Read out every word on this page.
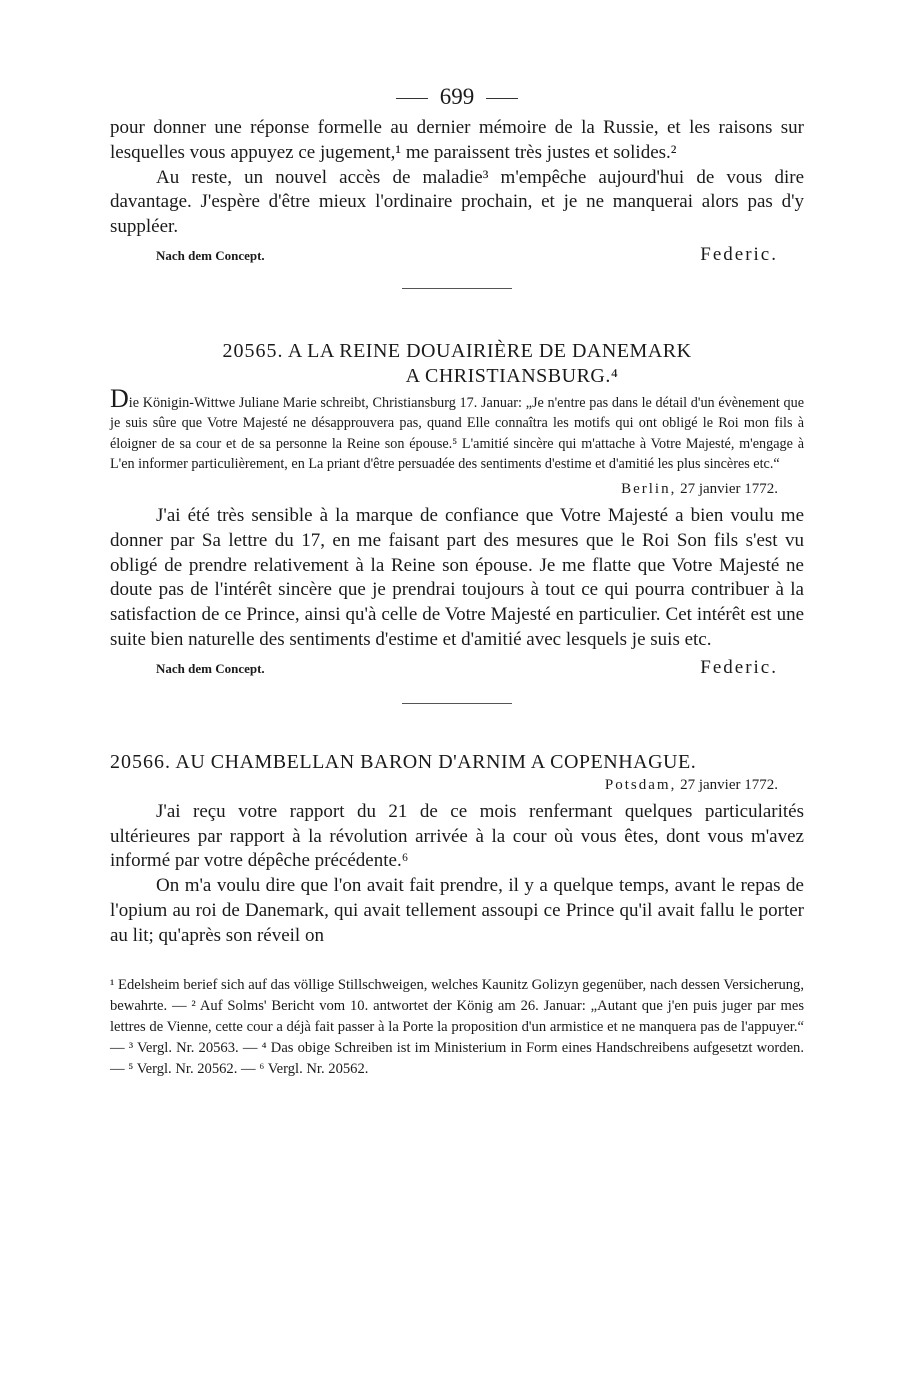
699

pour donner une réponse formelle au dernier mémoire de la Russie, et les raisons sur lesquelles vous appuyez ce jugement,¹ me paraissent très justes et solides.²

Au reste, un nouvel accès de maladie³ m'empêche aujourd'hui de vous dire davantage. J'espère d'être mieux l'ordinaire prochain, et je ne manquerai alors pas d'y suppléer.

Nach dem Concept.	Federic.

20565. A LA REINE DOUAIRIÈRE DE DANEMARK

A CHRISTIANSBURG.⁴

Die Königin-Wittwe Juliane Marie schreibt, Christiansburg 17. Januar: „Je n'entre pas dans le détail d'un évènement que je suis sûre que Votre Majesté ne désapprouvera pas, quand Elle connaîtra les motifs qui ont obligé le Roi mon fils à éloigner de sa cour et de sa personne la Reine son épouse.⁵ L'amitié sincère qui m'attache à Votre Majesté, m'engage à L'en informer particulièrement, en La priant d'être persuadée des sentiments d'estime et d'amitié les plus sincères etc.“

Berlin, 27 janvier 1772.

J'ai été très sensible à la marque de confiance que Votre Majesté a bien voulu me donner par Sa lettre du 17, en me faisant part des mesures que le Roi Son fils s'est vu obligé de prendre relativement à la Reine son épouse. Je me flatte que Votre Majesté ne doute pas de l'intérêt sincère que je prendrai toujours à tout ce qui pourra contribuer à la satisfaction de ce Prince, ainsi qu'à celle de Votre Majesté en particulier. Cet intérêt est une suite bien naturelle des sentiments d'estime et d'amitié avec lesquels je suis etc.

Nach dem Concept.	Federic.

20566. AU CHAMBELLAN BARON D'ARNIM A COPENHAGUE.

Potsdam, 27 janvier 1772.

J'ai reçu votre rapport du 21 de ce mois renfermant quelques particularités ultérieures par rapport à la révolution arrivée à la cour où vous êtes, dont vous m'avez informé par votre dépêche précédente.⁶

On m'a voulu dire que l'on avait fait prendre, il y a quelque temps, avant le repas de l'opium au roi de Danemark, qui avait tellement assoupi ce Prince qu'il avait fallu le porter au lit; qu'après son réveil on

¹ Edelsheim berief sich auf das völlige Stillschweigen, welches Kaunitz Golizyn gegenüber, nach dessen Versicherung, bewahrte. — ² Auf Solms' Bericht vom 10. antwortet der König am 26. Januar: „Autant que j'en puis juger par mes lettres de Vienne, cette cour a déjà fait passer à la Porte la proposition d'un armistice et ne manquera pas de l'appuyer.“ — ³ Vergl. Nr. 20563. — ⁴ Das obige Schreiben ist im Ministerium in Form eines Handschreibens aufgesetzt worden. — ⁵ Vergl. Nr. 20562. — ⁶ Vergl. Nr. 20562.
